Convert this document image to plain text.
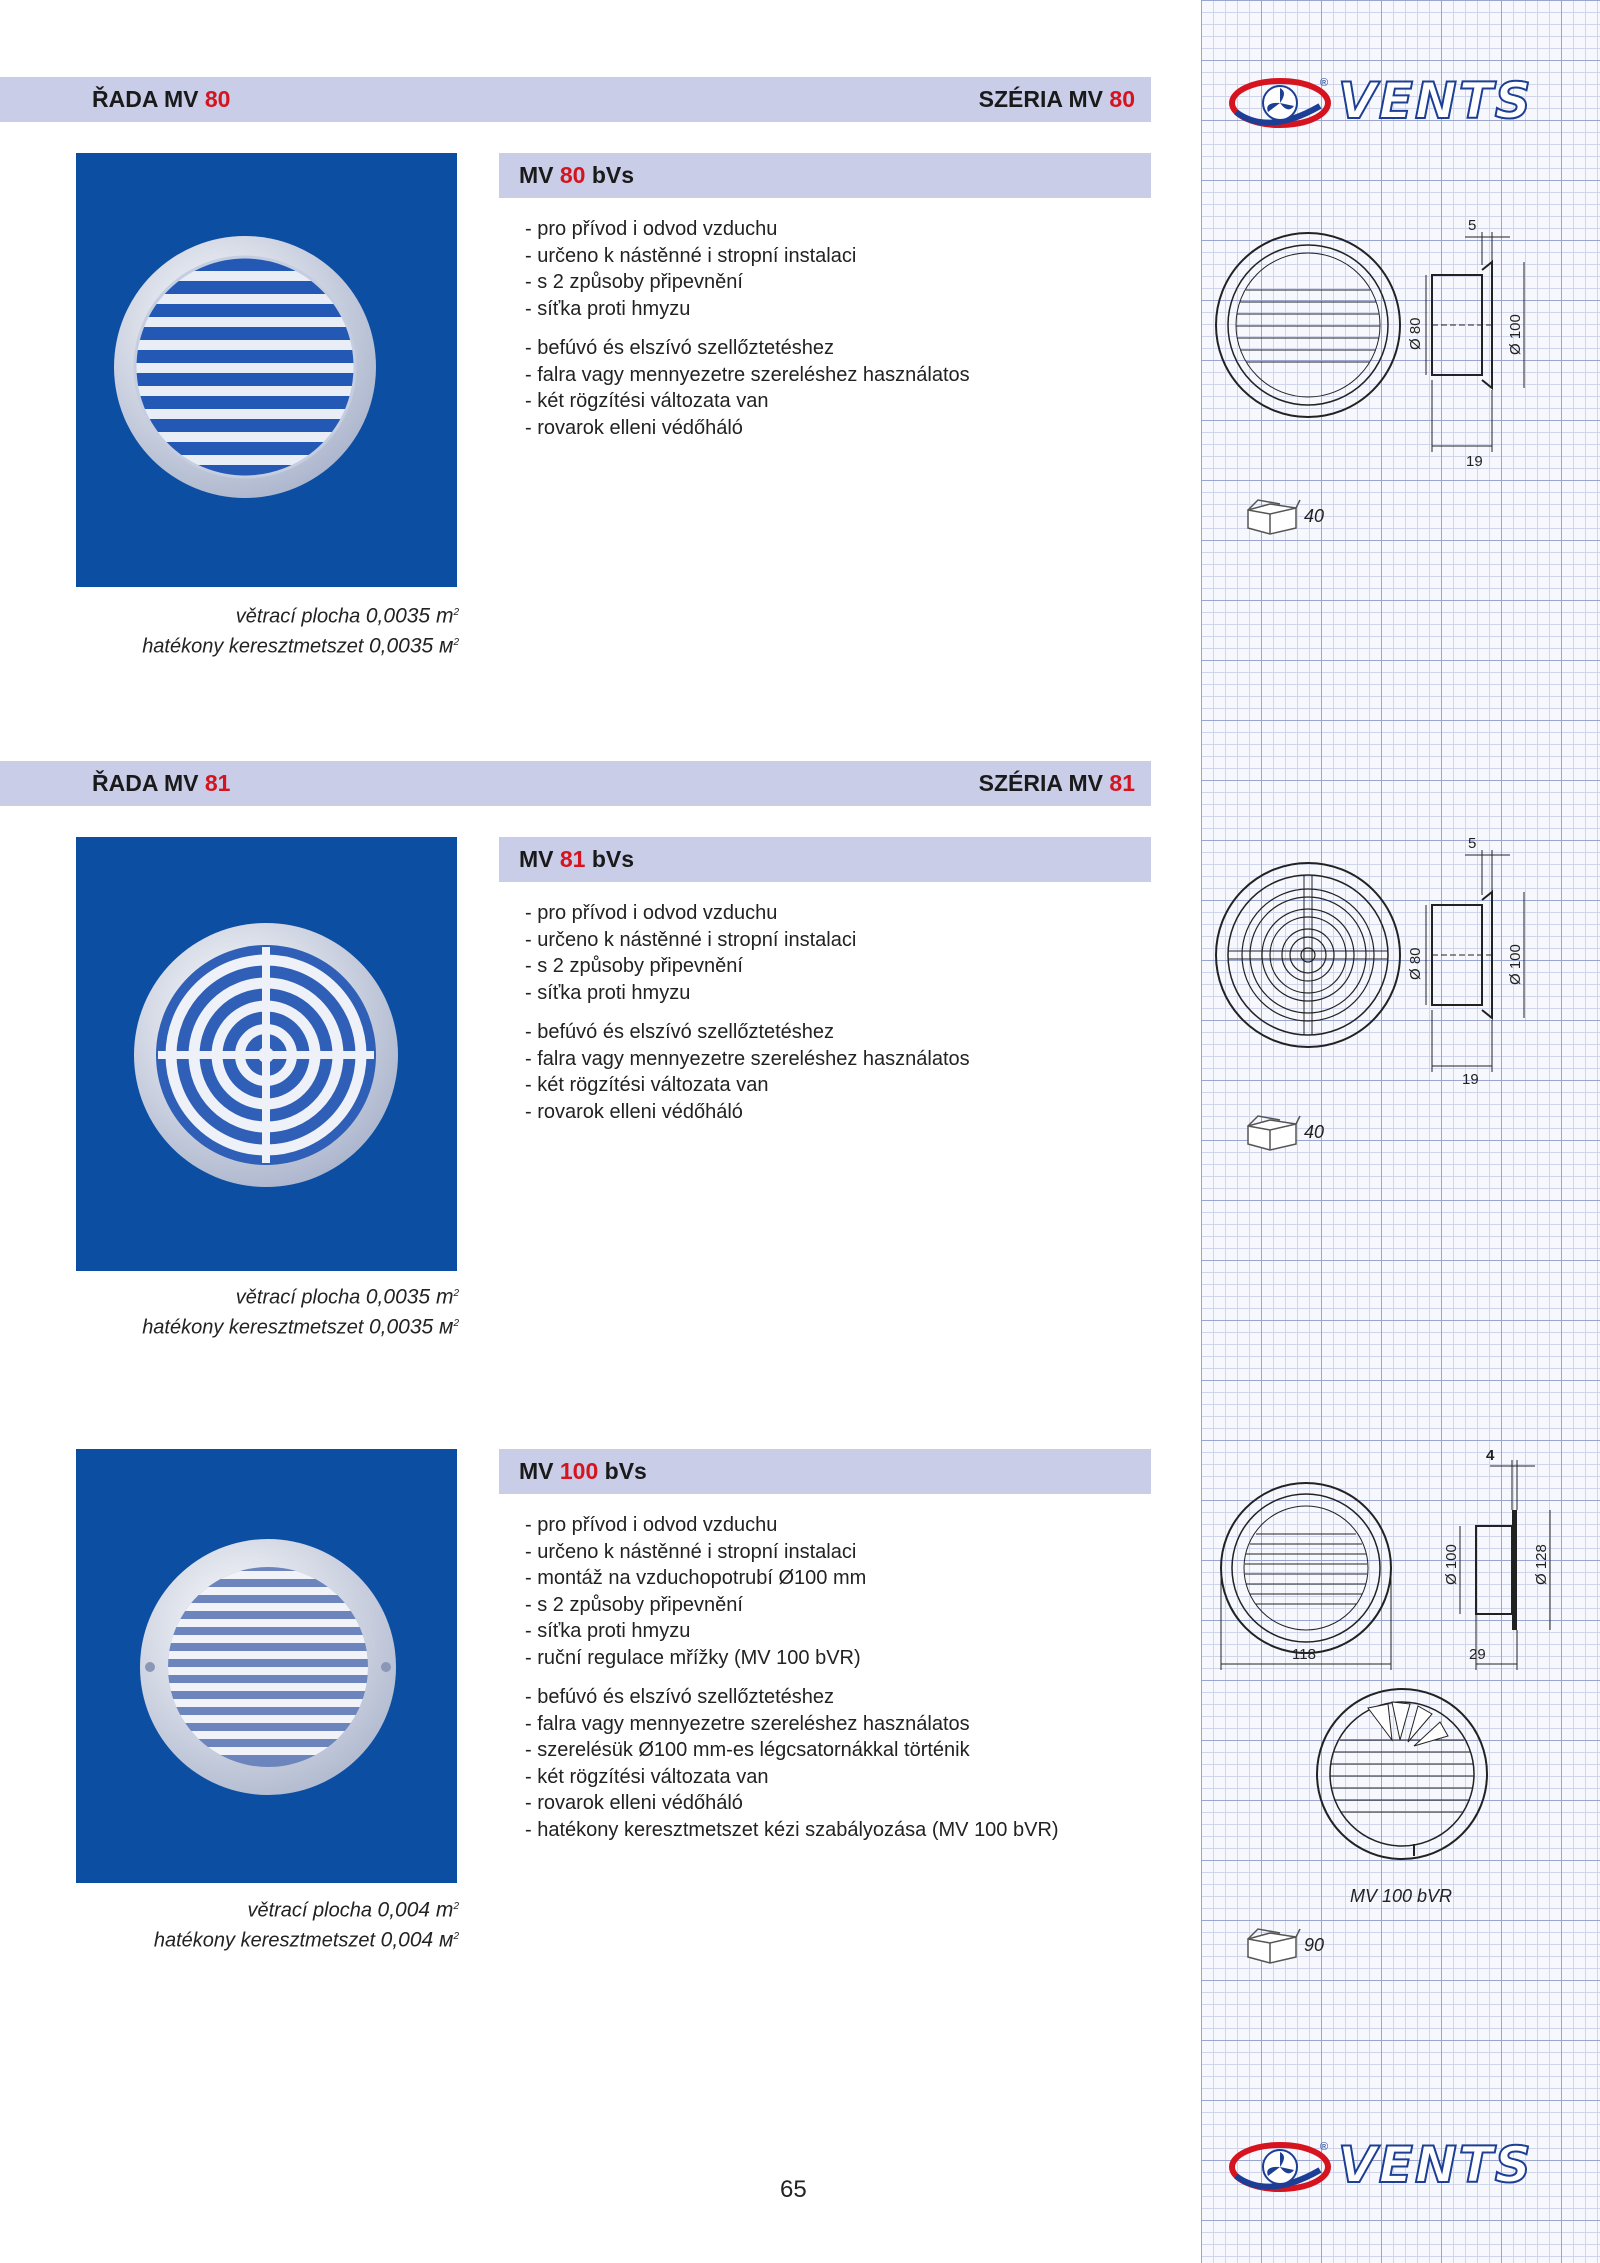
® VENTS
ŘADA MV 80	SZÉRIA MV 80
MV 80 bVs
- pro přívod i odvod vzduchu
- určeno k nástěnné i stropní instalaci
- s 2 způsoby připevnění
- síťka proti hmyzu
- befúvó és elszívó szellőztetéshez
- falra vagy mennyezetre szereléshez használatos
- két rögzítési változata van
- rovarok elleni védőháló
větrací plocha 0,0035 $m^2$
hatékony keresztmetszet 0,0035 $м^2$
5
19
Ø 80	Ø 100
40
ŘADA MV 81	SZÉRIA MV 81
MV 81 bVs
- pro přívod i odvod vzduchu
- určeno k nástěnné i stropní instalaci
- s 2 způsoby připevnění
- síťka proti hmyzu
- befúvó és elszívó szellőztetéshez
- falra vagy mennyezetre szereléshez használatos
- két rögzítési változata van
- rovarok elleni védőháló
větrací plocha 0,0035 $m^2$
hatékony keresztmetszet 0,0035 $м^2$
5
19
Ø 80	Ø 100
40
MV 100 bVs
- pro přívod i odvod vzduchu
- určeno k nástěnné i stropní instalaci
- montáž na vzduchopotrubí Ø100 mm
- s 2 způsoby připevnění
- síťka proti hmyzu
- ruční regulace mřížky (MV 100 bVR)
- befúvó és elszívó szellőztetéshez
- falra vagy mennyezetre szereléshez használatos
- szerelésük Ø100 mm-es légcsatornákkal történik
- két rögzítési változata van
- rovarok elleni védőháló
- hatékony keresztmetszet kézi szabályozása (MV 100 bVR)
větrací plocha 0,004 $m^2$
hatékony keresztmetszet 0,004 $м^2$
4
118	29
Ø 100	Ø 128
MV 100 bVR
90
65
® VENTS
